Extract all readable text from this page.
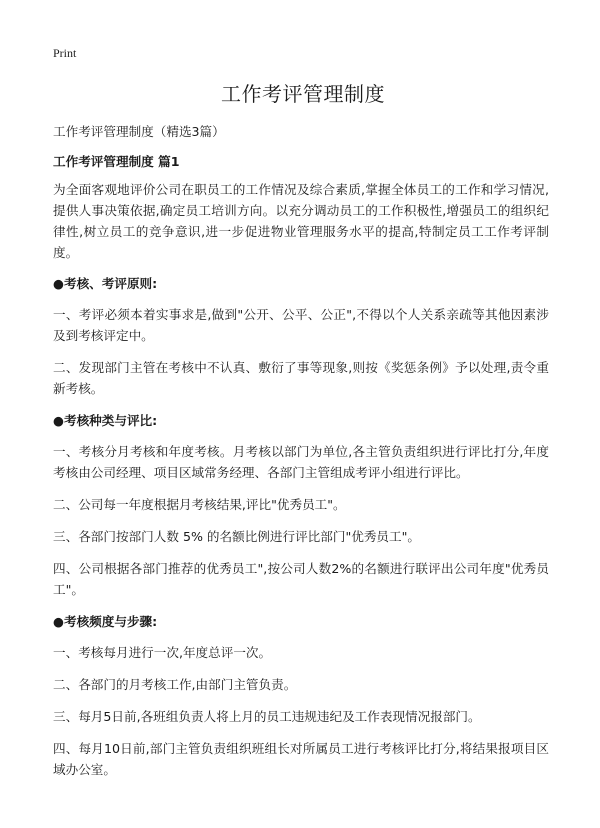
Print
工作考评管理制度

工作考评管理制度（精选3篇）

工作考评管理制度 篇1

为全面客观地评价公司在职员工的工作情况及综合素质,掌握全体员工的工作和学习情况,提供人事决策依据,确定员工培训方向。以充分调动员工的工作积极性,增强员工的组织纪律性,树立员工的竞争意识,进一步促进物业管理服务水平的提高,特制定员工工作考评制度。

●考核、考评原则:

一、考评必须本着实事求是,做到"公开、公平、公正",不得以个人关系亲疏等其他因素涉及到考核评定中。

二、发现部门主管在考核中不认真、敷衍了事等现象,则按《奖惩条例》予以处理,责令重新考核。

●考核种类与评比:

一、考核分月考核和年度考核。月考核以部门为单位,各主管负责组织进行评比打分,年度考核由公司经理、项目区域常务经理、各部门主管组成考评小组进行评比。

二、公司每一年度根据月考核结果,评比"优秀员工"。

三、各部门按部门人数 5% 的名额比例进行评比部门"优秀员工"。

四、公司根据各部门推荐的优秀员工",按公司人数2%的名额进行联评出公司年度"优秀员工"。

●考核频度与步骤:

一、考核每月进行一次,年度总评一次。

二、各部门的月考核工作,由部门主管负责。

三、每月5日前,各班组负责人将上月的员工违规违纪及工作表现情况报部门。

四、每月10日前,部门主管负责组织班组长对所属员工进行考核评比打分,将结果报项目区域办公室。
